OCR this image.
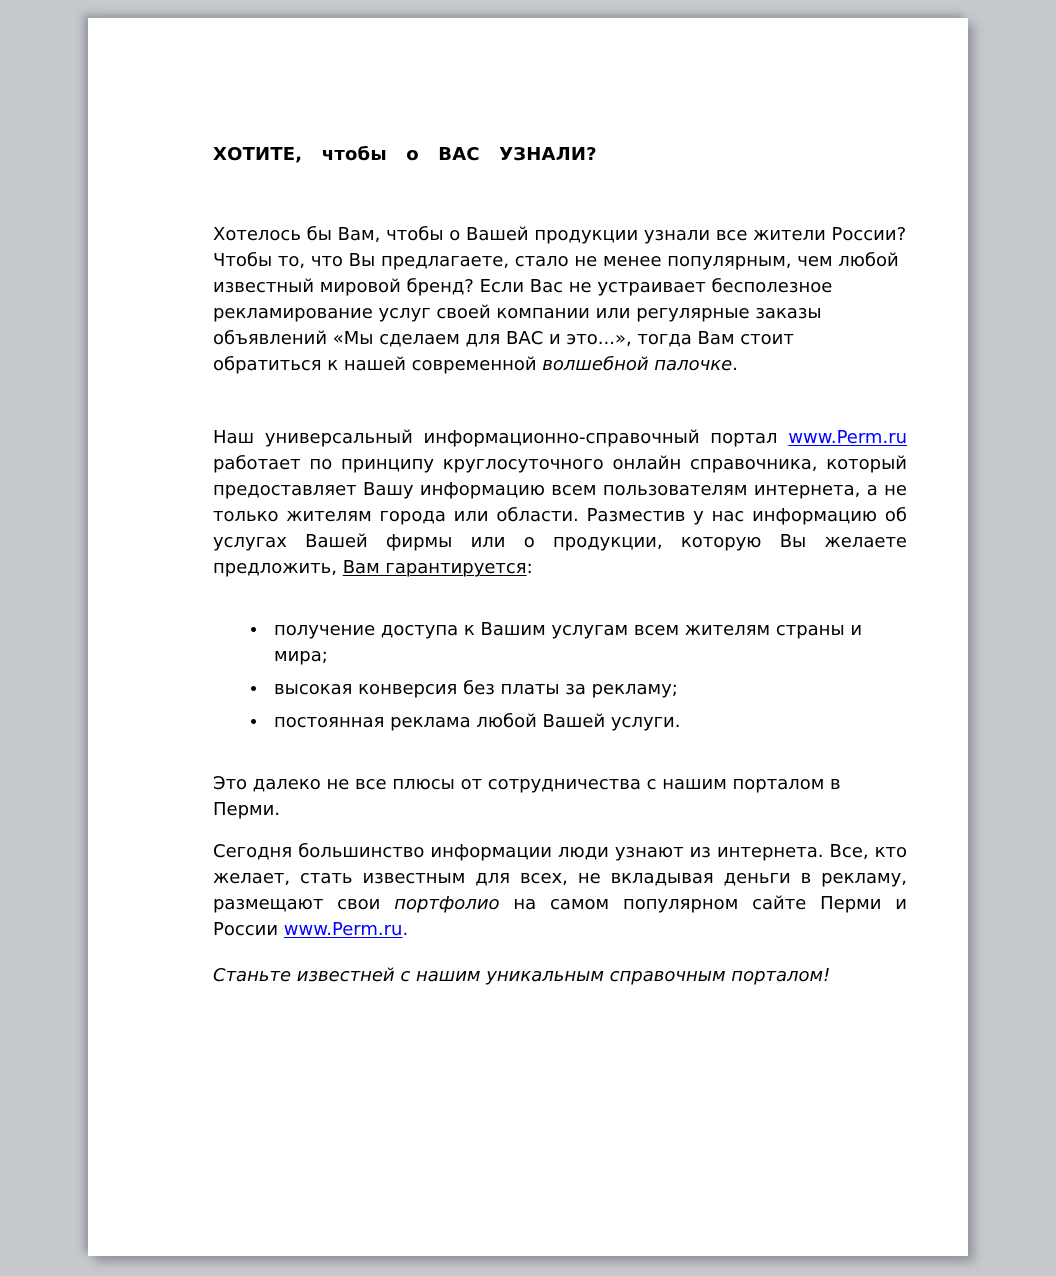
ХОТИТЕ, чтобы о ВАС УЗНАЛИ?

Хотелось бы Вам, чтобы о Вашей продукции узнали все жители России? Чтобы то, что Вы предлагаете, стало не менее популярным, чем любой известный мировой бренд? Если Вас не устраивает бесполезное рекламирование услуг своей компании или регулярные заказы объявлений «Мы сделаем для ВАС и это...», тогда Вам стоит обратиться к нашей современной волшебной палочке.

Наш универсальный информационно-справочный портал www.Perm.ru работает по принципу круглосуточного онлайн справочника, который предоставляет Вашу информацию всем пользователям интернета, а не только жителям города или области. Разместив у нас информацию об услугах Вашей фирмы или о продукции, которую Вы желаете предложить, Вам гарантируется:

получение доступа к Вашим услугам всем жителям страны и мира;
высокая конверсия без платы за рекламу;
постоянная реклама любой Вашей услуги.

Это далеко не все плюсы от сотрудничества с нашим порталом в Перми.

Сегодня большинство информации люди узнают из интернета. Все, кто желает, стать известным для всех, не вкладывая деньги в рекламу, размещают свои портфолио на самом популярном сайте Перми и России www.Perm.ru.

Станьте известней с нашим уникальным справочным порталом!
